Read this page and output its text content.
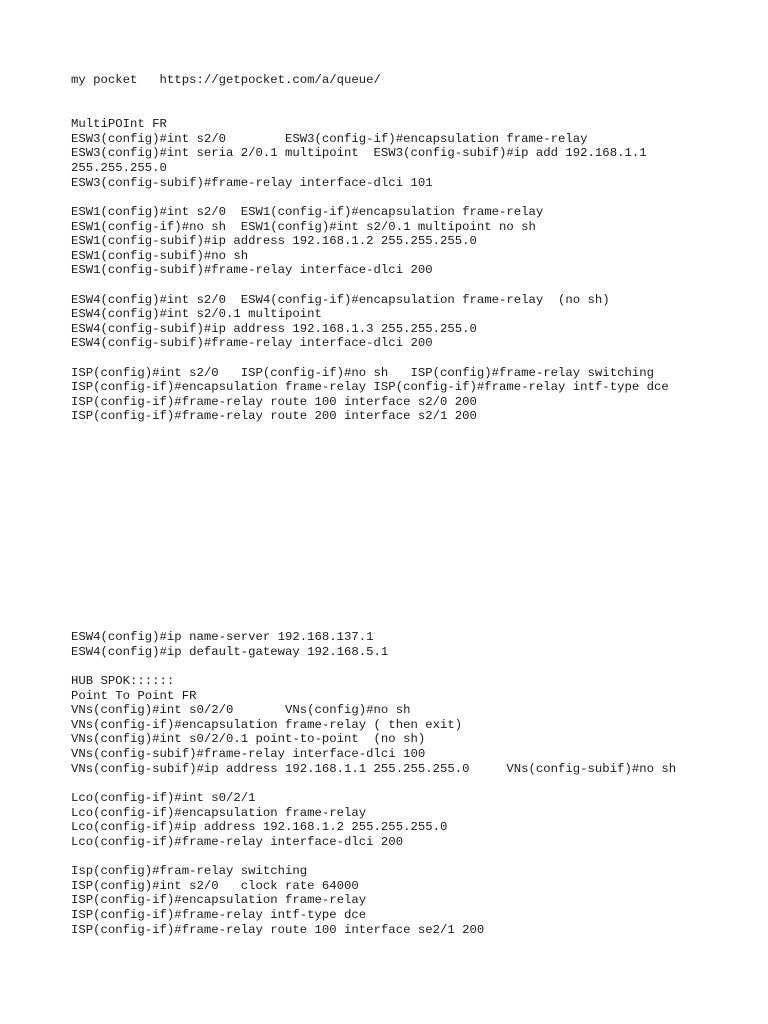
my pocket   https://getpocket.com/a/queue/

MultiPOInt FR

ESW3(config)#int s2/0        ESW3(config-if)#encapsulation frame-relay

ESW3(config)#int seria 2/0.1 multipoint  ESW3(config-subif)#ip add 192.168.1.1

255.255.255.0

ESW3(config-subif)#frame-relay interface-dlci 101

ESW1(config)#int s2/0  ESW1(config-if)#encapsulation frame-relay

ESW1(config-if)#no sh  ESW1(config)#int s2/0.1 multipoint no sh

ESW1(config-subif)#ip address 192.168.1.2 255.255.255.0

ESW1(config-subif)#no sh

ESW1(config-subif)#frame-relay interface-dlci 200

ESW4(config)#int s2/0  ESW4(config-if)#encapsulation frame-relay  (no sh)

ESW4(config)#int s2/0.1 multipoint

ESW4(config-subif)#ip address 192.168.1.3 255.255.255.0

ESW4(config-subif)#frame-relay interface-dlci 200

ISP(config)#int s2/0   ISP(config-if)#no sh   ISP(config)#frame-relay switching

ISP(config-if)#encapsulation frame-relay ISP(config-if)#frame-relay intf-type dce

ISP(config-if)#frame-relay route 100 interface s2/0 200

ISP(config-if)#frame-relay route 200 interface s2/1 200

ESW4(config)#ip name-server 192.168.137.1

ESW4(config)#ip default-gateway 192.168.5.1

HUB SPOK::::::

Point To Point FR

VNs(config)#int s0/2/0       VNs(config)#no sh

VNs(config-if)#encapsulation frame-relay ( then exit)

VNs(config)#int s0/2/0.1 point-to-point  (no sh)

VNs(config-subif)#frame-relay interface-dlci 100

VNs(config-subif)#ip address 192.168.1.1 255.255.255.0     VNs(config-subif)#no sh

Lco(config-if)#int s0/2/1

Lco(config-if)#encapsulation frame-relay

Lco(config-if)#ip address 192.168.1.2 255.255.255.0

Lco(config-if)#frame-relay interface-dlci 200

Isp(config)#fram-relay switching

ISP(config)#int s2/0   clock rate 64000

ISP(config-if)#encapsulation frame-relay

ISP(config-if)#frame-relay intf-type dce

ISP(config-if)#frame-relay route 100 interface se2/1 200
